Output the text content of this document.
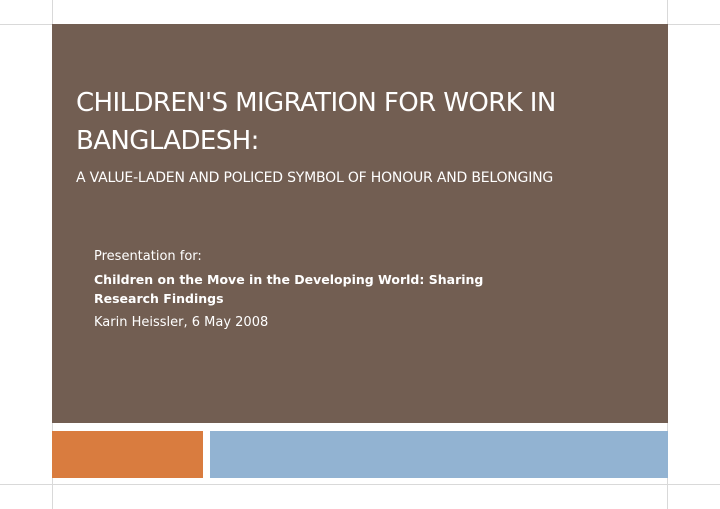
CHILDREN'S MIGRATION FOR WORK IN BANGLADESH:
A VALUE-LADEN AND POLICED SYMBOL OF HONOUR AND BELONGING

Presentation for:

Children on the Move in the Developing World: Sharing Research Findings

Karin Heissler, 6 May 2008
